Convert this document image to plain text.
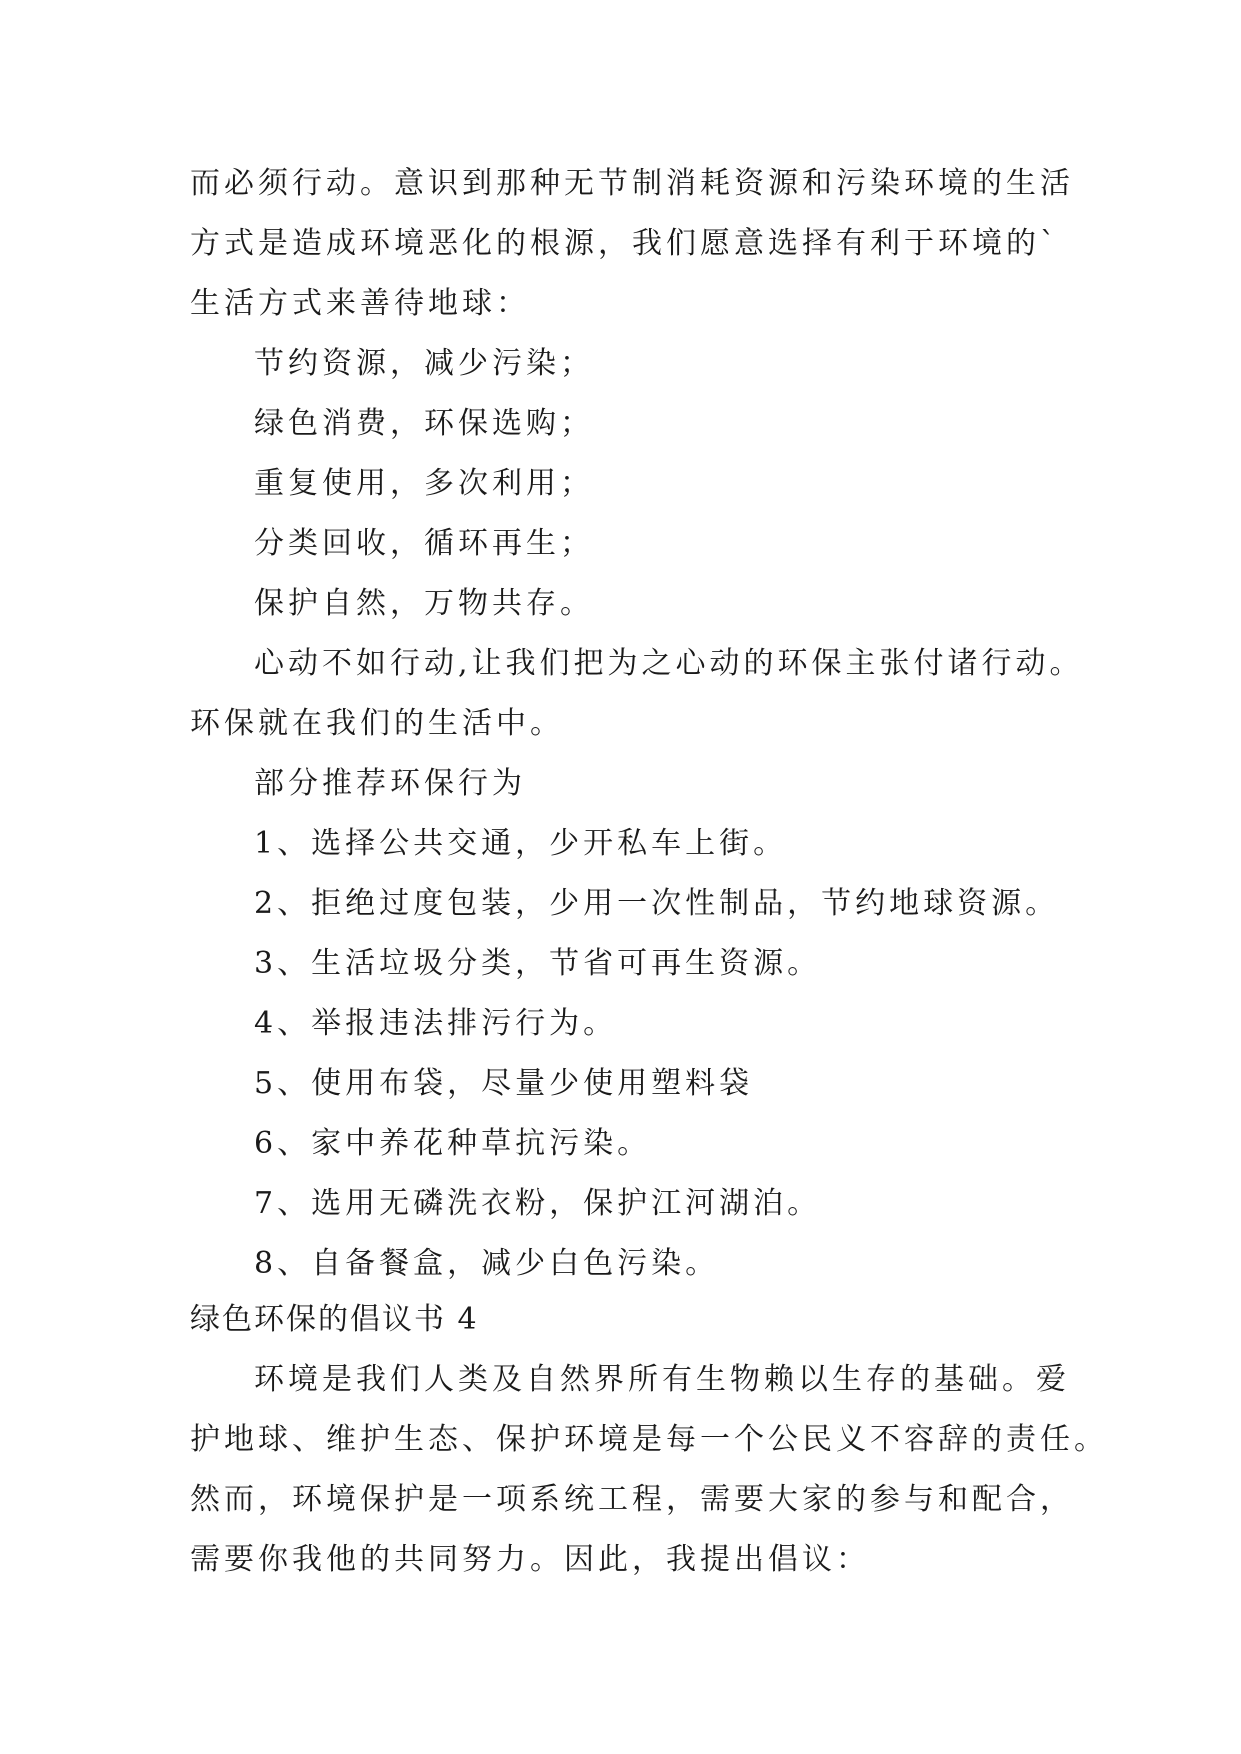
而必须行动。意识到那种无节制消耗资源和污染环境的生活
方式是造成环境恶化的根源，我们愿意选择有利于环境的`
生活方式来善待地球：
节约资源，减少污染；
绿色消费，环保选购；
重复使用，多次利用；
分类回收，循环再生；
保护自然，万物共存。
心动不如行动,让我们把为之心动的环保主张付诸行动。
环保就在我们的生活中。
部分推荐环保行为
1、选择公共交通，少开私车上街。
2、拒绝过度包装，少用一次性制品，节约地球资源。
3、生活垃圾分类，节省可再生资源。
4、举报违法排污行为。
5、使用布袋，尽量少使用塑料袋
6、家中养花种草抗污染。
7、选用无磷洗衣粉，保护江河湖泊。
8、自备餐盒，减少白色污染。
绿色环保的倡议书 4
环境是我们人类及自然界所有生物赖以生存的基础。爱
护地球、维护生态、保护环境是每一个公民义不容辞的责任。
然而，环境保护是一项系统工程，需要大家的参与和配合，
需要你我他的共同努力。因此，我提出倡议：
